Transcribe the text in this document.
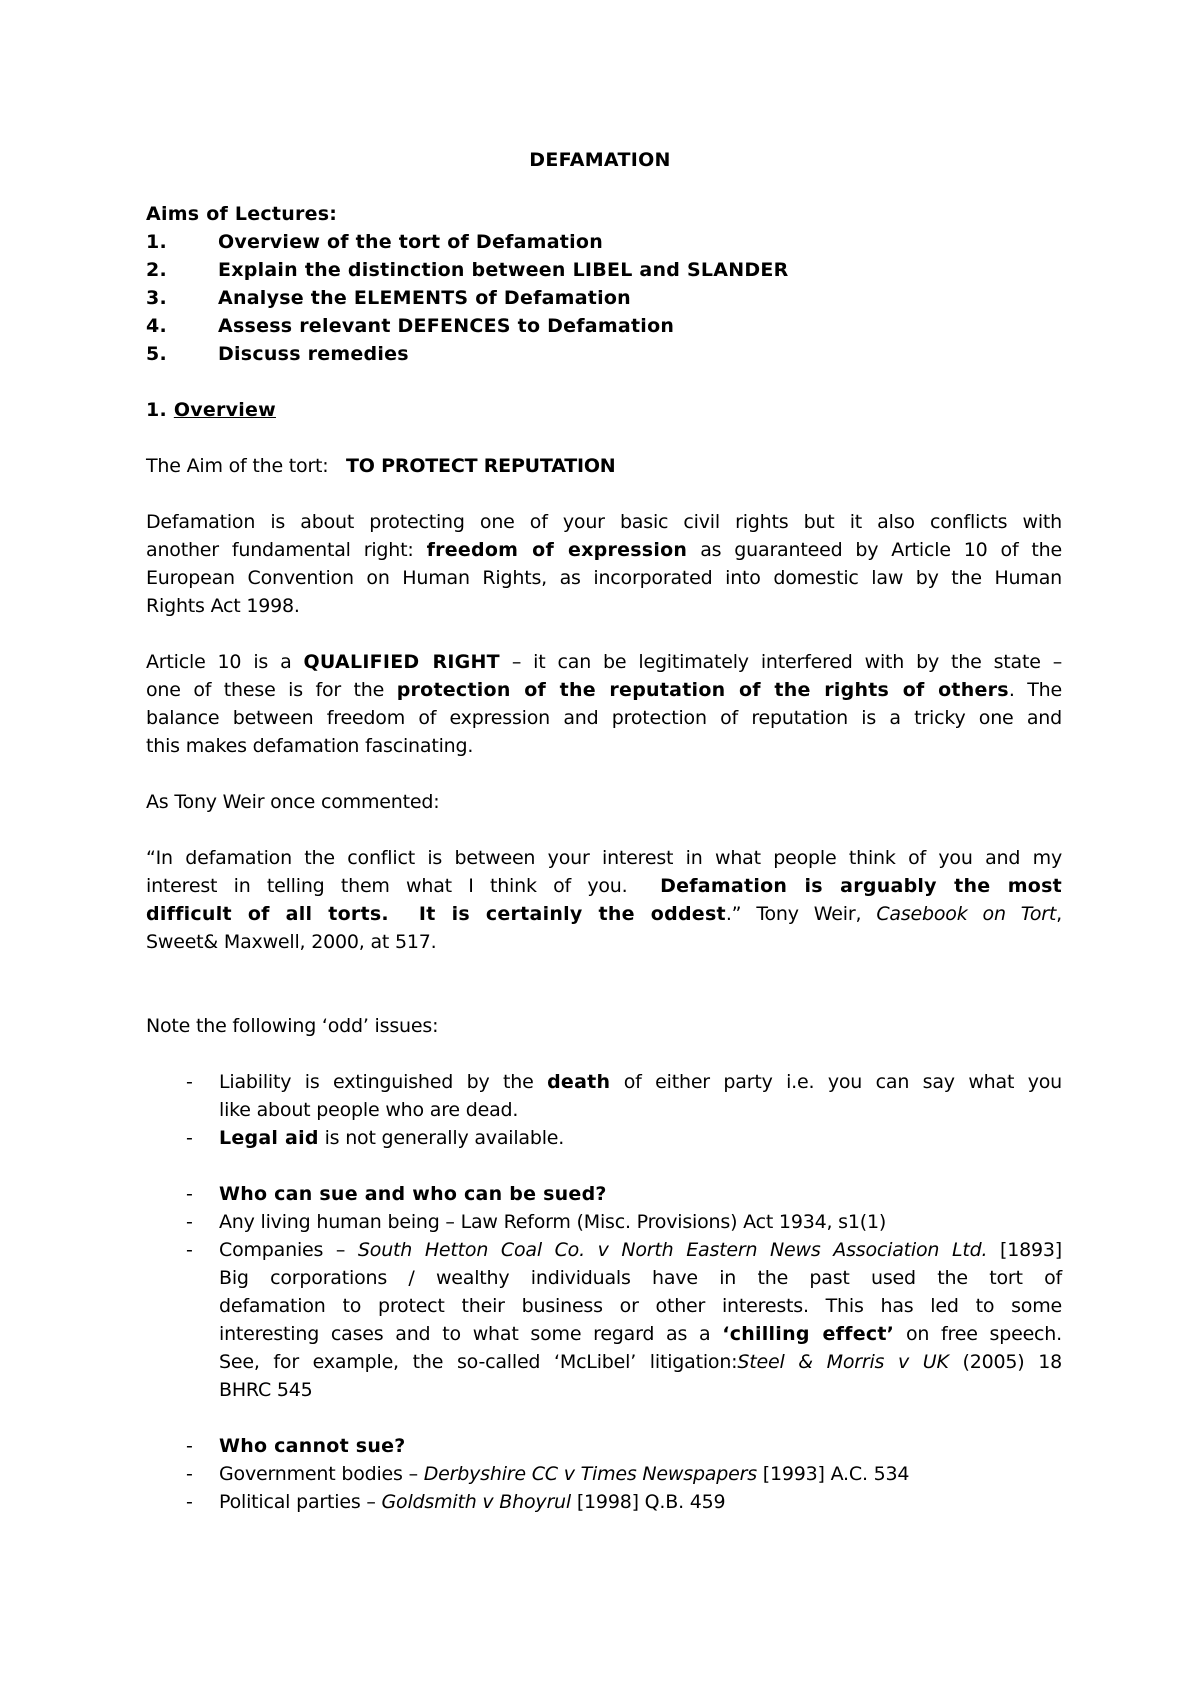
DEFAMATION
Aims of Lectures:
1.	Overview of the tort of Defamation
2.	Explain the distinction between LIBEL and SLANDER
3.	Analyse the ELEMENTS of Defamation
4.	Assess relevant DEFENCES to Defamation
5.	Discuss remedies
1. Overview
The Aim of the tort: TO PROTECT REPUTATION
Defamation is about protecting one of your basic civil rights but it also conflicts with
another fundamental right: freedom of expression as guaranteed by Article 10 of the
European Convention on Human Rights, as incorporated into domestic law by the Human
Rights Act 1998.
Article 10 is a QUALIFIED RIGHT – it can be legitimately interfered with by the state –
one of these is for the protection of the reputation of the rights of others. The
balance between freedom of expression and protection of reputation is a tricky one and
this makes defamation fascinating.
As Tony Weir once commented:
“In defamation the conflict is between your interest in what people think of you and my
interest in telling them what I think of you. Defamation is arguably the most
difficult of all torts. It is certainly the oddest.” Tony Weir, Casebook on Tort,
Sweet& Maxwell, 2000, at 517.
Note the following ‘odd’ issues:
-	Liability is extinguished by the death of either party i.e. you can say what you
like about people who are dead.
-	Legal aid is not generally available.
-	Who can sue and who can be sued?
-	Any living human being – Law Reform (Misc. Provisions) Act 1934, s1(1)
-	Companies – South Hetton Coal Co. v North Eastern News Association Ltd. [1893]
Big corporations / wealthy individuals have in the past used the tort of
defamation to protect their business or other interests. This has led to some
interesting cases and to what some regard as a ‘chilling effect’ on free speech.
See, for example, the so-called ‘McLibel’ litigation:Steel & Morris v UK (2005) 18
BHRC 545
-	Who cannot sue?
-	Government bodies – Derbyshire CC v Times Newspapers [1993] A.C. 534
-	Political parties – Goldsmith v Bhoyrul [1998] Q.B. 459
